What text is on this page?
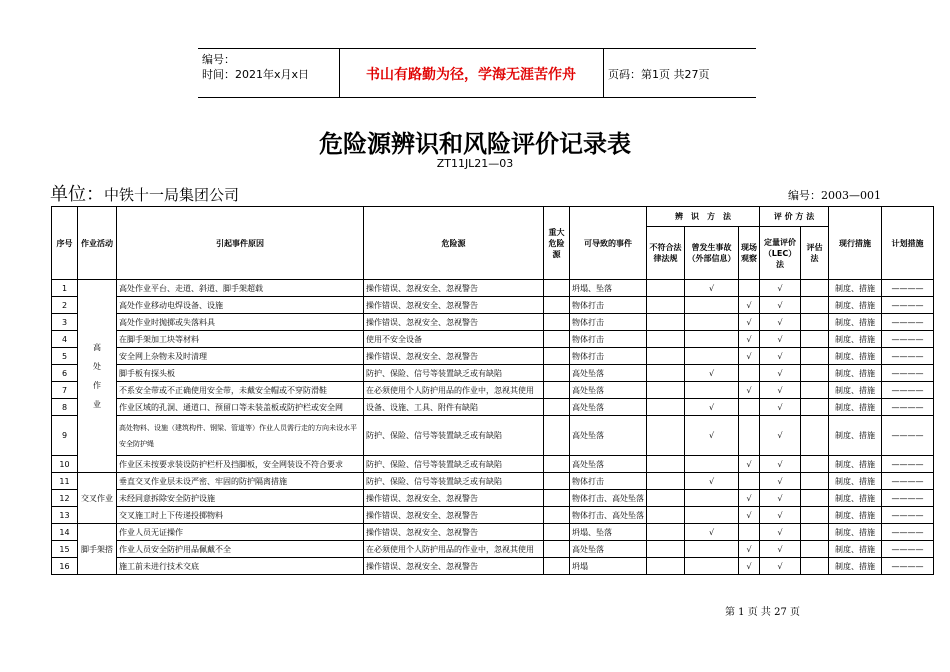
编号：
时间：2021年x月x日	书山有路勤为径，学海无涯苦作舟	页码：第1页 共27页
危险源辨识和风险评价记录表
ZT11JL21—03
单位：中铁十一局集团公司	编号：2003—001
序号	作业活动	引起事件原因	危险源	重大危险 源	可导致的事件	辨　识　方　法			评 价 方 法		现行措施	计划措施
						不符合法律法规	曾发生事故（外部信息）	现场观察	定量评价（LEC）法	评估法		
1	高处作业	高处作业平台、走道、斜道、脚手架超载	操作错误、忽视安全、忽视警告		坍塌、坠落		√		√		制度、措施	————
2		高处作业移动电焊设备、设施	操作错误、忽视安全、忽视警告		物体打击			√	√		制度、措施	————
3		高处作业时抛掷或失落料具	操作错误、忽视安全、忽视警告		物体打击			√	√		制度、措施	————
4		在脚手架加工块等材料	使用不安全设备		物体打击			√	√		制度、措施	————
5		安全网上杂物未及时清理	操作错误、忽视安全、忽视警告		物体打击			√	√		制度、措施	————
6		脚手板有探头板	防护、保险、信号等装置缺乏或有缺陷		高处坠落		√		√		制度、措施	————
7		不系安全带或不正确使用安全带，未戴安全帽或不穿防滑鞋	在必须使用个人防护用品的作业中，忽视其使用		高处坠落			√	√		制度、措施	————
8		作业区域的孔洞、通道口、预留口等未装盖板或防护栏或安全网	设备、设施、工具、附件有缺陷		高处坠落		√		√		制度、措施	————
9		高处物料、设施（建筑构件、钢梁、管道等）作业人员需行走的方向未设水平安全防护绳	防护、保险、信号等装置缺乏或有缺陷		高处坠落		√		√		制度、措施	————
10		作业区未按要求装设防护栏杆及挡脚板，安全网装设不符合要求	防护、保险、信号等装置缺乏或有缺陷		高处坠落			√	√		制度、措施	————
11	交叉作业	垂直交叉作业层未设严密、牢固的防护隔离措施	防护、保险、信号等装置缺乏或有缺陷		物体打击		√		√		制度、措施	————
12		未经同意拆除安全防护设施	操作错误、忽视安全、忽视警告		物体打击、高处坠落			√	√		制度、措施	————
13		交叉施工时上下传递投掷物料	操作错误、忽视安全、忽视警告		物体打击、高处坠落			√	√		制度、措施	————
14	脚手架搭	作业人员无证操作	操作错误、忽视安全、忽视警告		坍塌、坠落		√		√		制度、措施	————
15		作业人员安全防护用品佩戴不全	在必须使用个人防护用品的作业中，忽视其使用		高处坠落			√	√		制度、措施	————
16		施工前未进行技术交底	操作错误、忽视安全、忽视警告		坍塌			√	√		制度、措施	————
第 1 页 共 27 页
